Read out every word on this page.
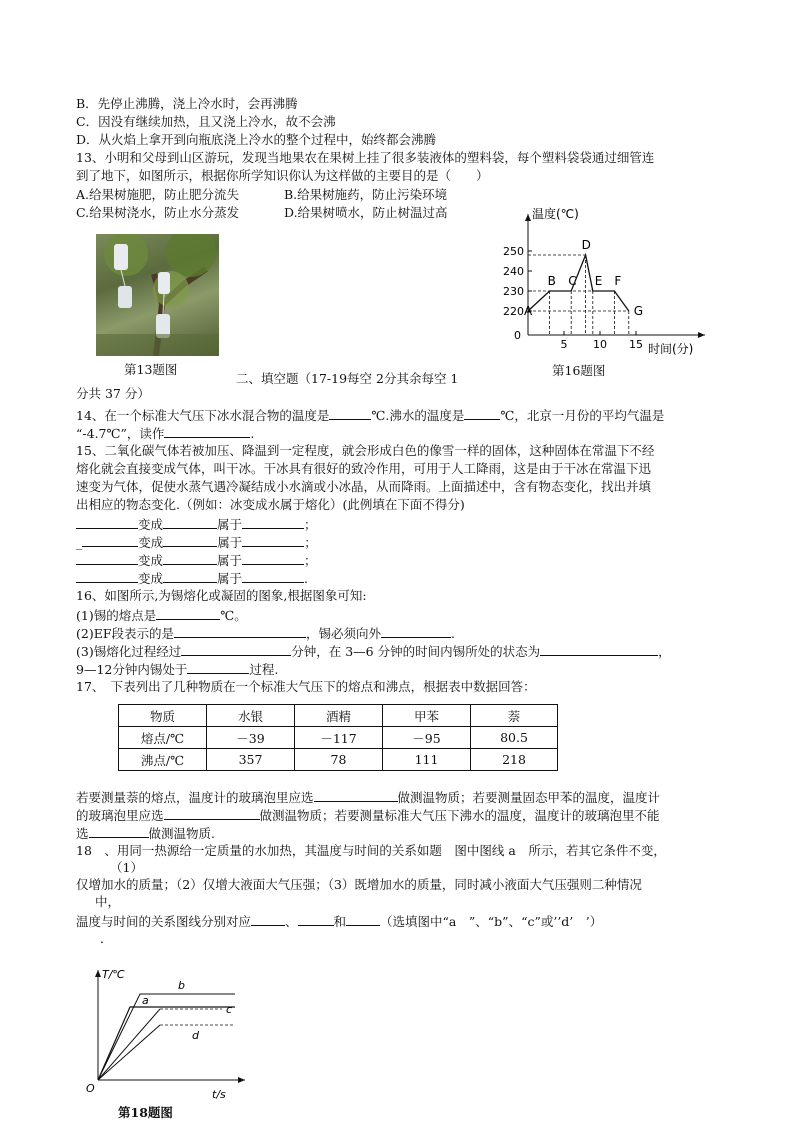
B．先停止沸腾，浇上冷水时，会再沸腾
C．因没有继续加热，且又浇上冷水，故不会沸
D．从火焰上拿开到向瓶底浇上冷水的整个过程中，始终都会沸腾
13、小明和父母到山区游玩，发现当地果农在果树上挂了很多装液体的塑料袋，每个塑料袋袋通过细管连
到了地下，如图所示，根据你所学知识你认为这样做的主要目的是（　　）
A.给果树施肥，防止肥分流失	B.给果树施药，防止污染环境
C.给果树浇水，防止水分蒸发	D.给果树喷水，防止树温过高
第13题图
二、填空题（17-19每空 2分其余每空 1
分共 37 分）
温度(℃)
时间(分)
0
220
230
240
250
5 10 15
A
B C
D
E F
G
第16题图
14、在一个标准大气压下冰水混合物的温度是	℃.沸水的温度是	℃，北京一月份的平均气温是
“-4.7℃”，读作	.
15、二氧化碳气体若被加压、降温到一定程度，就会形成白色的像雪一样的固体，这种固体在常温下不经
熔化就会直接变成气体，叫干冰。干冰具有很好的致冷作用，可用于人工降雨，这是由于干冰在常温下迅
速变为气体，促使水蒸气遇冷凝结成小水滴或小冰晶，从而降雨。上面描述中，含有物态变化，找出并填
出相应的物态变化.（例如：冰变成水属于熔化）(此例填在下面不得分)
变成	属于	；
_	变成	属于	；
变成	属于	；
变成	属于	.
16、如图所示,为锡熔化或凝固的图象,根据图象可知:
(1)锡的熔点是	℃。
(2)EF段表示的是	，锡必须向外	.
(3)锡熔化过程经过	分钟，在 3—6 分钟的时间内锡所处的状态为	，
9—12分钟内锡处于	过程.
17、　下表列出了几种物质在一个标准大气压下的熔点和沸点，根据表中数据回答：
物质	水银	酒精	甲苯	萘
熔点/℃	－39	－117	－95	80.5
沸点/℃	357	78	111	218
若要测量萘的熔点，温度计的玻璃泡里应选	做测温物质；若要测量固态甲苯的温度，温度计
的玻璃泡里应选	做测温物质；若要测量标准大气压下沸水的温度，温度计的玻璃泡里不能
选	做测温物质.
18　、用同一热源给一定质量的水加热，其温度与时间的关系如题　图中图线 a　所示，若其它条件不变，
（1）
仅增加水的质量；（2）仅增大液面大气压强；（3）既增加水的质量，同时减小液面大气压强则二种情况
中，
温度与时间的关系图线分别对应	、	和	（选填图中“a　”、“b”、“c”或’’d’　’）
．
T/℃
t/s
O
b
a
c
d
第18题图
